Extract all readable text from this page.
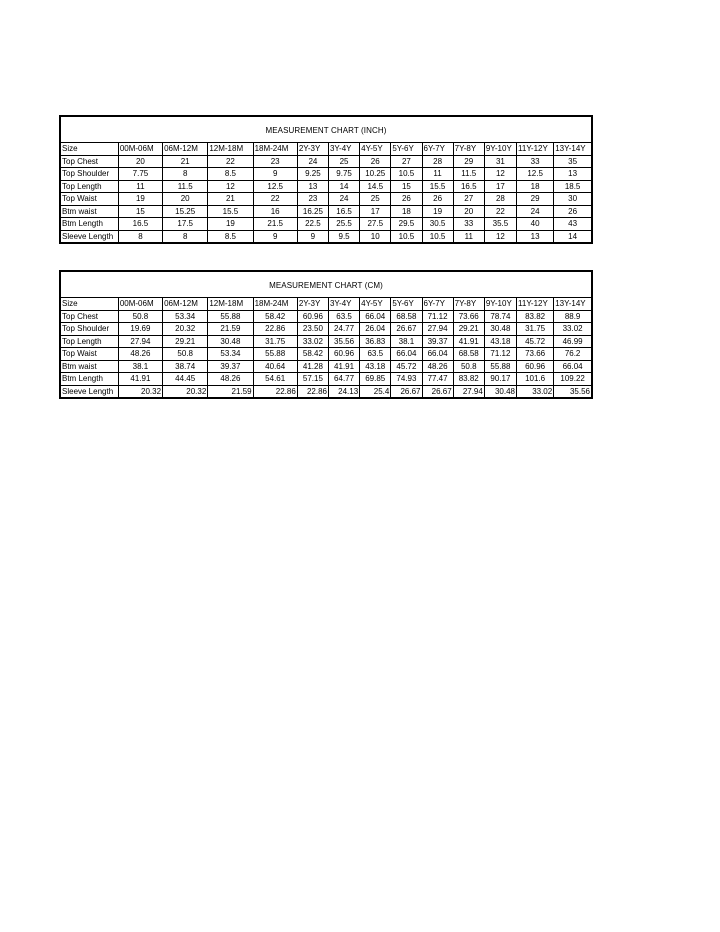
MEASUREMENT CHART (INCH)
Size	00M-06M	06M-12M	12M-18M	18M-24M	2Y-3Y	3Y-4Y	4Y-5Y	5Y-6Y	6Y-7Y	7Y-8Y	9Y-10Y	11Y-12Y	13Y-14Y
Top Chest	20	21	22	23	24	25	26	27	28	29	31	33	35
Top Shoulder	7.75	8	8.5	9	9.25	9.75	10.25	10.5	11	11.5	12	12.5	13
Top Length	11	11.5	12	12.5	13	14	14.5	15	15.5	16.5	17	18	18.5
Top Waist	19	20	21	22	23	24	25	26	26	27	28	29	30
Btm waist	15	15.25	15.5	16	16.25	16.5	17	18	19	20	22	24	26
Btm Length	16.5	17.5	19	21.5	22.5	25.5	27.5	29.5	30.5	33	35.5	40	43
Sleeve Length	8	8	8.5	9	9	9.5	10	10.5	10.5	11	12	13	14
MEASUREMENT CHART (CM)
Size	00M-06M	06M-12M	12M-18M	18M-24M	2Y-3Y	3Y-4Y	4Y-5Y	5Y-6Y	6Y-7Y	7Y-8Y	9Y-10Y	11Y-12Y	13Y-14Y
Top Chest	50.8	53.34	55.88	58.42	60.96	63.5	66.04	68.58	71.12	73.66	78.74	83.82	88.9
Top Shoulder	19.69	20.32	21.59	22.86	23.50	24.77	26.04	26.67	27.94	29.21	30.48	31.75	33.02
Top Length	27.94	29.21	30.48	31.75	33.02	35.56	36.83	38.1	39.37	41.91	43.18	45.72	46.99
Top Waist	48.26	50.8	53.34	55.88	58.42	60.96	63.5	66.04	66.04	68.58	71.12	73.66	76.2
Btm waist	38.1	38.74	39.37	40.64	41.28	41.91	43.18	45.72	48.26	50.8	55.88	60.96	66.04
Btm Length	41.91	44.45	48.26	54.61	57.15	64.77	69.85	74.93	77.47	83.82	90.17	101.6	109.22
Sleeve Length	20.32	20.32	21.59	22.86	22.86	24.13	25.4	26.67	26.67	27.94	30.48	33.02	35.56
